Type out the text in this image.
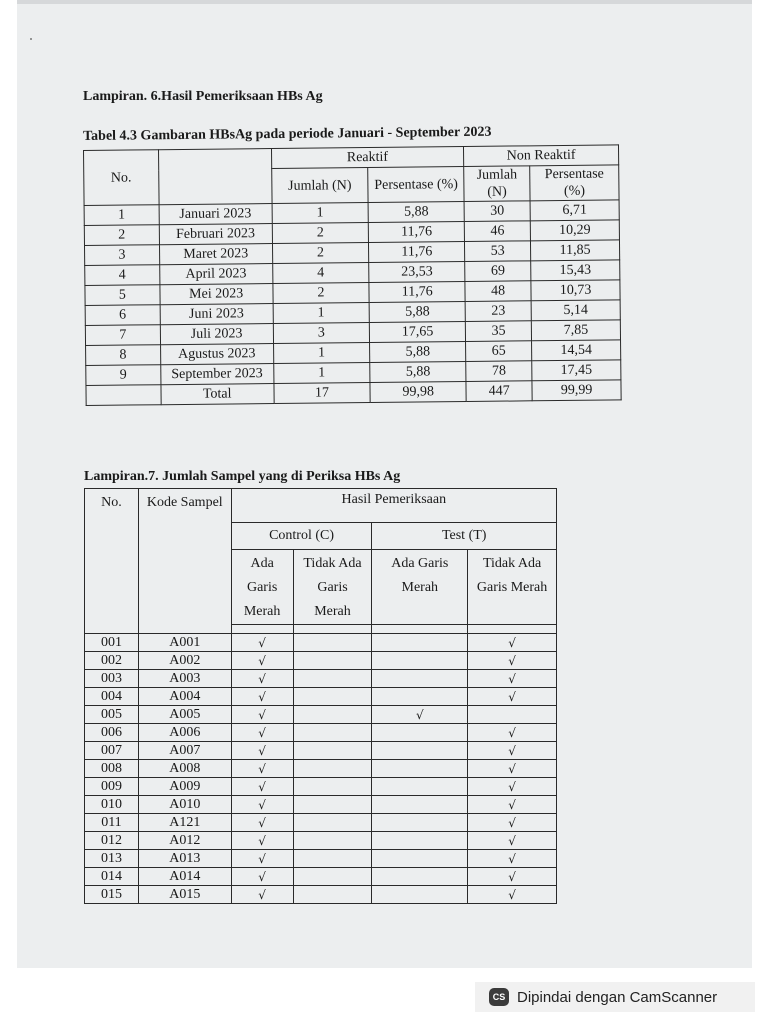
Lampiran. 6.Hasil Pemeriksaan HBs Ag
Tabel 4.3 Gambaran HBsAg pada periode Januari - September 2023
No.		Reaktif		Non Reaktif	
		Jumlah (N)	Persentase (%)	Jumlah (N)	Persentase (%)
1	Januari 2023	1	5,88	30	6,71
2	Februari 2023	2	11,76	46	10,29
3	Maret 2023	2	11,76	53	11,85
4	April 2023	4	23,53	69	15,43
5	Mei 2023	2	11,76	48	10,73
6	Juni 2023	1	5,88	23	5,14
7	Juli 2023	3	17,65	35	7,85
8	Agustus 2023	1	5,88	65	14,54
9	September 2023	1	5,88	78	17,45
	Total	17	99,98	447	99,99
Lampiran.7. Jumlah Sampel yang di Periksa HBs Ag
No.	Kode Sampel	Hasil Pemeriksaan			
		Control (C)		Test (T)	
		Ada Garis Merah	Tidak Ada Garis Merah	Ada Garis Merah	Tidak Ada Garis Merah

001	A001	√			√
002	A002	√			√
003	A003	√			√
004	A004	√			√
005	A005	√		√	
006	A006	√			√
007	A007	√			√
008	A008	√			√
009	A009	√			√
010	A010	√			√
011	A121	√			√
012	A012	√			√
013	A013	√			√
014	A014	√			√
015	A015	√			√
CS Dipindai dengan CamScanner
